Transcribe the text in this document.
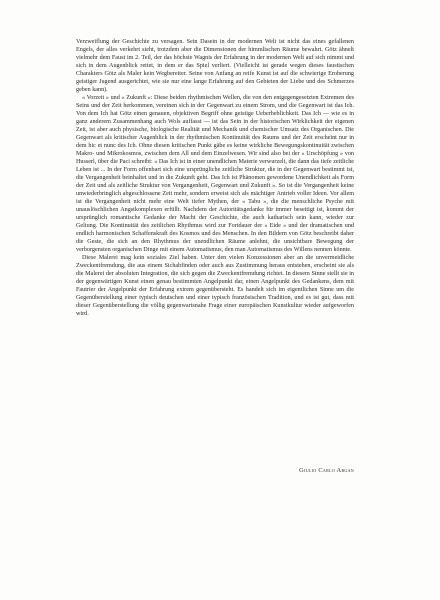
Verzweiflung der Geschichte zu versagen. Sein Dasein in der modernen Welt ist nicht das eines gefallenen Engels, der alles verkehrt sieht, trotzdem aber die Dimensionen der himmlischen Räume bewahrt. Götz ähnelt vielmehr dem Faust im 2. Teil, der das höchste Wagnis der Erfahrung in der modernen Welt auf sich nimmt und sich in dem Augenblick rettet, in dem er das Spiel verliert. (Vielleicht ist gerade wegen dieses faustischen Charakters Götz als Maler kein Wegbereiter. Seine von Anfang an reife Kunst ist auf die schwierige Eroberung geistiger Jugend ausgerichtet, wie sie nur eine lange Erfahrung auf den Gebieten der Liebe und des Schmerzes geben kann).

« Vorzeit » und « Zukunft »: Diese beiden rhythmischen Wellen, die von den entgegengesetzten Extremen des Seins und der Zeit herkommen, vereinen sich in der Gegenwart zu einem Strom, und die Gegenwart ist das Ich. Von dem Ich hat Götz einen genauen, objektiven Begriff ohne geistige Ueberheblichkeit. Das Ich — wie es in ganz anderem Zusammenhang auch Wols auffasst — ist das Sein in der historischen Wirklichkeit der eigenen Zeit, ist aber auch physische, biologische Realität und Mechanik und chemischer Umsatz des Organischen. Die Gegenwart als kritischer Augenblick in der rhythmischen Kontinuität des Raums und der Zeit erscheint nur in dem hic et nunc des Ich. Ohne diesen kritischen Punkt gäbe es keine wirkliche Bewegungskontinuität zwischen Makro- und Mikrokosmos, zwischen dem All und dem Einzelwesen. Wir sind also bei der « Urschöpfung » von Husserl, über die Paci schreibt: « Das Ich ist in einer unendlichen Materie verwurzelt, die dann das tiefe zeitliche Leben ist ... In der Form offenbart sich eine ursprüngliche zeitliche Struktur, die in der Gegenwart bestimmt ist, die Vergangenheit beinhaltet und in die Zukunft geht. Das Ich ist Phänomen gewordene Unendlichkeit als Form der Zeit und als zeitliche Struktur von Vergangenheit, Gegenwart und Zukunft ». So ist die Vergangenheit keine unwiederbringlich abgeschlossene Zeit mehr, sondern erweist sich als mächtiger Antrieb voller Ideen. Vor allem ist die Vergangenheit nicht mehr eine Welt tiefer Mythen, der « Tabu », die die menschliche Psyche mit unauslöschlichen Angstkomplexen erfüllt. Nachdem der Autoritätsgedanke für immer beseitigt ist, kommt der ursprünglich romantische Gedanke der Macht der Geschichte, die auch katharisch sein kann, wieder zur Geltung. Die Kontinuität des zeitlichen Rhythmus wird zur Fortdauer der « Eide » und der dramatischen und endlich harmonischen Schaffenskraft des Kosmos und des Menschen. In den Bildern von Götz beschreibt daher die Geste, die sich an den Rhythmus der unendlichen Räume anlehnt, die unsichtbare Bewegung der verborgensten organischen Dinge mit einem Automatismus, den man Automatismus des Willens nennen könnte.

Diese Malerei mag kein soziales Ziel haben. Unter den vielen Konzessionen aber an die unvermeidliche Zweckentfremdung, die aus einem Sichabfinden oder auch aus Zustimmung heraus entstehen, erscheint sie als die Malerei der absoluten Integration, die sich gegen die Zweckentfremdung richtet. In diesem Sinne stellt sie in der gegenwärtigen Kunst einen genau bestimmten Angelpunkt dar, einen Angelpunkt des Gedankens, dem mit Fautrier der Angelpunkt der Erfahrung extrem gegenübersteht. Es handelt sich im eigentlichen Sinne um die Gegenüberstellung einer typisch deutschen und einer typisch französischen Tradition, und es ist gut, dass mit dieser Gegenüberstellung die völlig gegenwartsnahe Frage einer europäischen Kunstkultur wieder aufgeworfen wird.

Giulio Carlo Argan
